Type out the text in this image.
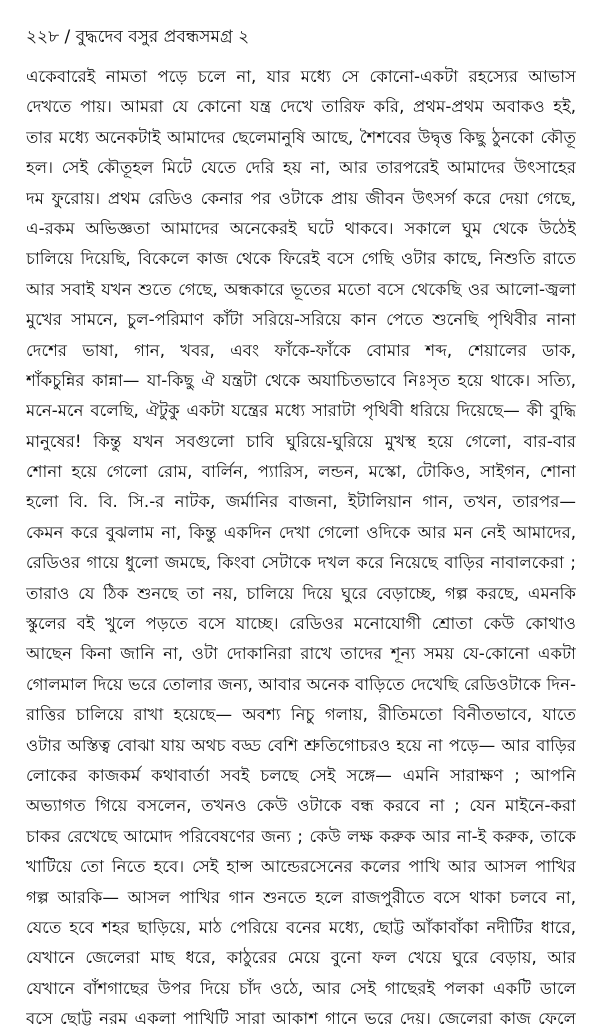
২২৮ / বুদ্ধদেব বসুর প্রবন্ধসমগ্র ২
একেবারেই নামতা পড়ে চলে না, যার মধ্যে সে কোনো-একটা রহস্যের আভাস
দেখতে পায়। আমরা যে কোনো যন্ত্র দেখে তারিফ করি, প্রথম-প্রথম অবাকও হই,
তার মধ্যে অনেকটাই আমাদের ছেলেমানুষি আছে, শৈশবের উদ্বৃত্ত কিছু ঠুনকো কৌতূ
হল। সেই কৌতূহল মিটে যেতে দেরি হয় না, আর তারপরেই আমাদের উৎসাহের
দম ফুরোয়। প্রথম রেডিও কেনার পর ওটাকে প্রায় জীবন উৎসর্গ করে দেয়া গেছে,
এ-রকম অভিজ্ঞতা আমাদের অনেকেরই ঘটে থাকবে। সকালে ঘুম থেকে উঠেই
চালিয়ে দিয়েছি, বিকেলে কাজ থেকে ফিরেই বসে গেছি ওটার কাছে, নিশুতি রাতে
আর সবাই যখন শুতে গেছে, অন্ধকারে ভূতের মতো বসে থেকেছি ওর আলো-জ্বলা
মুখের সামনে, চুল-পরিমাণ কাঁটা সরিয়ে-সরিয়ে কান পেতে শুনেছি পৃথিবীর নানা
দেশের ভাষা, গান, খবর, এবং ফাঁকে-ফাঁকে বোমার শব্দ, শেয়ালের ডাক,
শাঁকচুন্নির কান্না— যা-কিছু ঐ যন্ত্রটা থেকে অযাচিতভাবে নিঃসৃত হয়ে থাকে। সত্যি,
মনে-মনে বলেছি, ঐটুকু একটা যন্ত্রের মধ্যে সারাটা পৃথিবী ধরিয়ে দিয়েছে— কী বুদ্ধি
মানুষের! কিন্তু যখন সবগুলো চাবি ঘুরিয়ে-ঘুরিয়ে মুখস্থ হয়ে গেলো, বার-বার
শোনা হয়ে গেলো রোম, বার্লিন, প্যারিস, লন্ডন, মস্কো, টোকিও, সাইগন, শোনা
হলো বি. বি. সি.-র নাটক, জর্মানির বাজনা, ইটালিয়ান গান, তখন, তারপর—
কেমন করে বুঝলাম না, কিন্তু একদিন দেখা গেলো ওদিকে আর মন নেই আমাদের,
রেডিওর গায়ে ধুলো জমছে, কিংবা সেটাকে দখল করে নিয়েছে বাড়ির নাবালকেরা ;
তারাও যে ঠিক শুনছে তা নয়, চালিয়ে দিয়ে ঘুরে বেড়াচ্ছে, গল্প করছে, এমনকি
স্কুলের বই খুলে পড়তে বসে যাচ্ছে। রেডিওর মনোযোগী শ্রোতা কেউ কোথাও
আছেন কিনা জানি না, ওটা দোকানিরা রাখে তাদের শূন্য সময় যে-কোনো একটা
গোলমাল দিয়ে ভরে তোলার জন্য, আবার অনেক বাড়িতে দেখেছি রেডিওটাকে দিন-
রাত্তির চালিয়ে রাখা হয়েছে— অবশ্য নিচু গলায়, রীতিমতো বিনীতভাবে, যাতে
ওটার অস্তিত্ব বোঝা যায় অথচ বড্ড বেশি শ্রুতিগোচরও হয়ে না পড়ে— আর বাড়ির
লোকের কাজকর্ম কথাবার্তা সবই চলছে সেই সঙ্গে— এমনি সারাক্ষণ ; আপনি
অভ্যাগত গিয়ে বসলেন, তখনও কেউ ওটাকে বন্ধ করবে না ; যেন মাইনে-করা
চাকর রেখেছে আমোদ পরিবেষণের জন্য ; কেউ লক্ষ করুক আর না-ই করুক, তাকে
খাটিয়ে তো নিতে হবে। সেই হান্স আন্ডেরসেনের কলের পাখি আর আসল পাখির
গল্প আরকি— আসল পাখির গান শুনতে হলে রাজপুরীতে বসে থাকা চলবে না,
যেতে হবে শহর ছাড়িয়ে, মাঠ পেরিয়ে বনের মধ্যে, ছোট্ট আঁকাবাঁকা নদীটির ধারে,
যেখানে জেলেরা মাছ ধরে, কাঠুরের মেয়ে বুনো ফল খেয়ে ঘুরে বেড়ায়, আর
যেখানে বাঁশগাছের উপর দিয়ে চাঁদ ওঠে, আর সেই গাছেরই পলকা একটি ডালে
বসে ছোট্ট নরম একলা পাখিটি সারা আকাশ গানে ভরে দেয়। জেলেরা কাজ ফেলে
